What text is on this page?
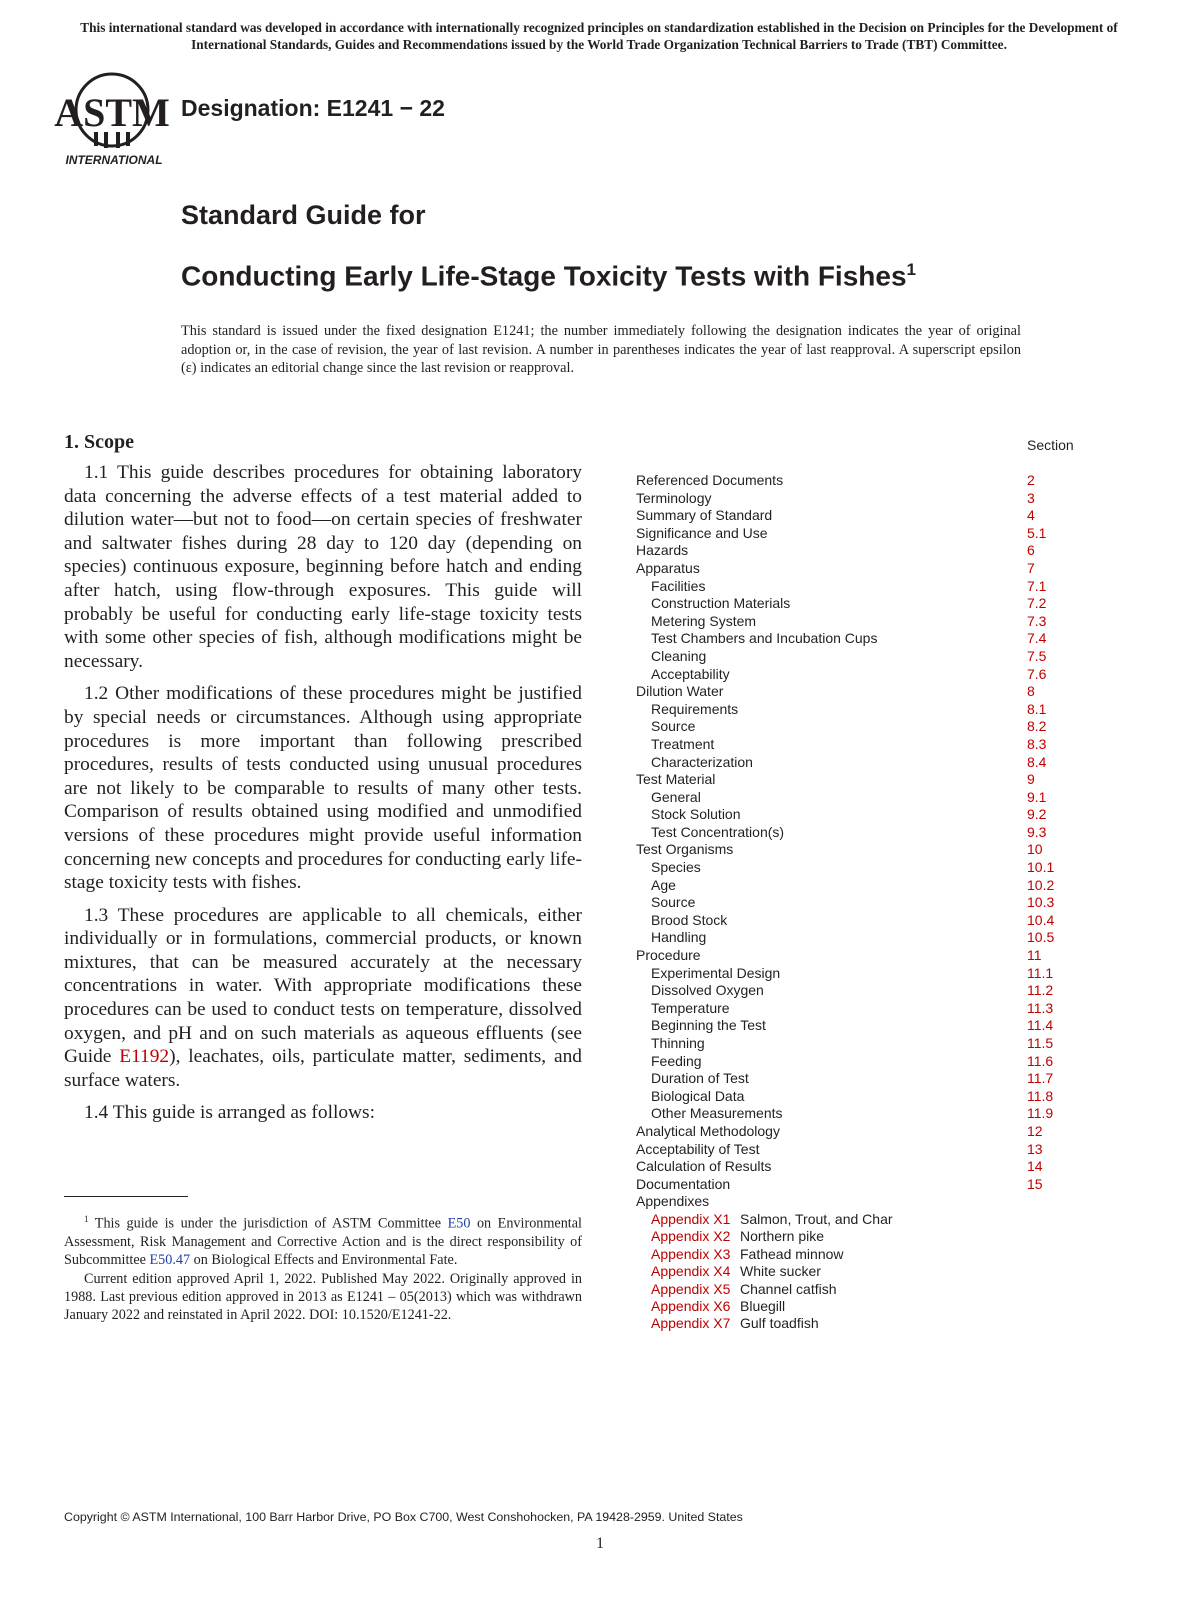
This international standard was developed in accordance with internationally recognized principles on standardization established in the Decision on Principles for the Development of International Standards, Guides and Recommendations issued by the World Trade Organization Technical Barriers to Trade (TBT) Committee.
ASTM
INTERNATIONAL
Designation: E1241 − 22
Standard Guide for
Conducting Early Life-Stage Toxicity Tests with Fishes$^1$
This standard is issued under the fixed designation E1241; the number immediately following the designation indicates the year of original adoption or, in the case of revision, the year of last revision. A number in parentheses indicates the year of last reapproval. A superscript epsilon (ε) indicates an editorial change since the last revision or reapproval.
1. Scope

1.1 This guide describes procedures for obtaining laboratory data concerning the adverse effects of a test material added to dilution water—but not to food—on certain species of freshwater and saltwater fishes during 28 day to 120 day (depending on species) continuous exposure, beginning before hatch and ending after hatch, using flow-through exposures. This guide will probably be useful for conducting early life-stage toxicity tests with some other species of fish, although modifications might be necessary.

1.2 Other modifications of these procedures might be justified by special needs or circumstances. Although using appropriate procedures is more important than following prescribed procedures, results of tests conducted using unusual procedures are not likely to be comparable to results of many other tests. Comparison of results obtained using modified and unmodified versions of these procedures might provide useful information concerning new concepts and procedures for conducting early life-stage toxicity tests with fishes.

1.3 These procedures are applicable to all chemicals, either individually or in formulations, commercial products, or known mixtures, that can be measured accurately at the necessary concentrations in water. With appropriate modifications these procedures can be used to conduct tests on temperature, dissolved oxygen, and pH and on such materials as aqueous effluents (see Guide E1192), leachates, oils, particulate matter, sediments, and surface waters.

1.4 This guide is arranged as follows:

$^1$ This guide is under the jurisdiction of ASTM Committee E50 on Environmental Assessment, Risk Management and Corrective Action and is the direct responsibility of Subcommittee E50.47 on Biological Effects and Environmental Fate.

Current edition approved April 1, 2022. Published May 2022. Originally approved in 1988. Last previous edition approved in 2013 as E1241 – 05(2013) which was withdrawn January 2022 and reinstated in April 2022. DOI: 10.1520/E1241-22.

Section
Referenced Documents	2
Terminology	3
Summary of Standard	4
Significance and Use	5.1
Hazards	6
Apparatus	7
Facilities	7.1
Construction Materials	7.2
Metering System	7.3
Test Chambers and Incubation Cups	7.4
Cleaning	7.5
Acceptability	7.6
Dilution Water	8
Requirements	8.1
Source	8.2
Treatment	8.3
Characterization	8.4
Test Material	9
General	9.1
Stock Solution	9.2
Test Concentration(s)	9.3
Test Organisms	10
Species	10.1
Age	10.2
Source	10.3
Brood Stock	10.4
Handling	10.5
Procedure	11
Experimental Design	11.1
Dissolved Oxygen	11.2
Temperature	11.3
Beginning the Test	11.4
Thinning	11.5
Feeding	11.6
Duration of Test	11.7
Biological Data	11.8
Other Measurements	11.9
Analytical Methodology	12
Acceptability of Test	13
Calculation of Results	14
Documentation	15
Appendixes
Appendix X1 Salmon, Trout, and Char
Appendix X2 Northern pike
Appendix X3 Fathead minnow
Appendix X4 White sucker
Appendix X5 Channel catfish
Appendix X6 Bluegill
Appendix X7 Gulf toadfish
Copyright © ASTM International, 100 Barr Harbor Drive, PO Box C700, West Conshohocken, PA 19428-2959. United States
1
